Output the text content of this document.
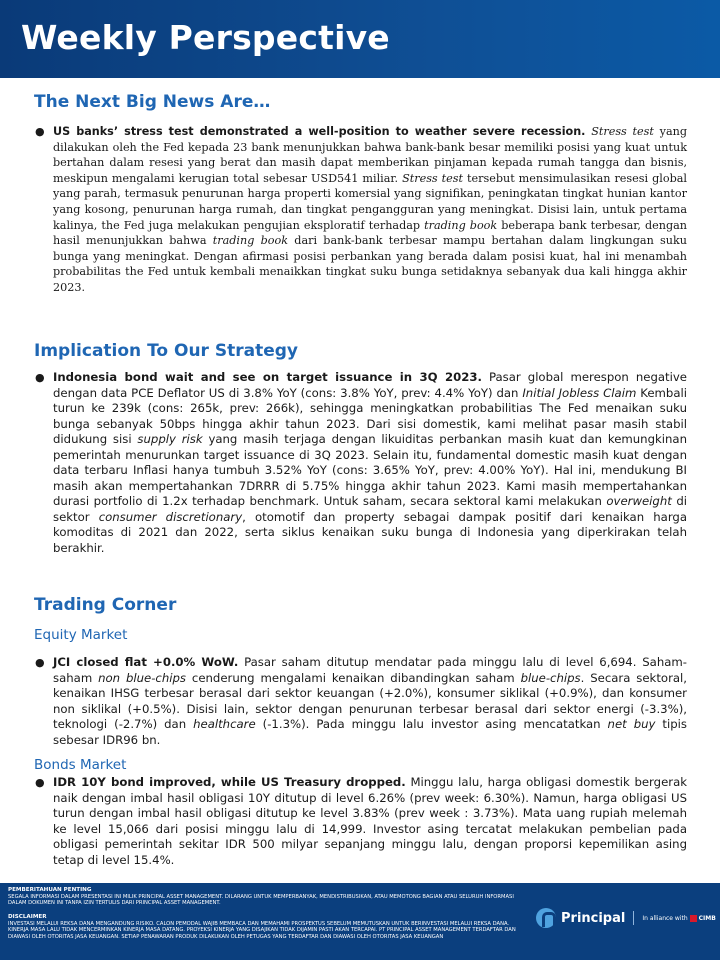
Weekly Perspective
The Next Big News Are…
● US banks’ stress test demonstrated a well-position to weather severe recession. Stress test yang dilakukan oleh the Fed kepada 23 bank menunjukkan bahwa bank-bank besar memiliki posisi yang kuat untuk bertahan dalam resesi yang berat dan masih dapat memberikan pinjaman kepada rumah tangga dan bisnis, meskipun mengalami kerugian total sebesar USD541 miliar. Stress test tersebut mensimulasikan resesi global yang parah, termasuk penurunan harga properti komersial yang signifikan, peningkatan tingkat hunian kantor yang kosong, penurunan harga rumah, dan tingkat pengangguran yang meningkat. Disisi lain, untuk pertama kalinya, the Fed juga melakukan pengujian eksploratif terhadap trading book beberapa bank terbesar, dengan hasil menunjukkan bahwa trading book dari bank-bank terbesar mampu bertahan dalam lingkungan suku bunga yang meningkat. Dengan afirmasi posisi perbankan yang berada dalam posisi kuat, hal ini menambah probabilitas the Fed untuk kembali menaikkan tingkat suku bunga setidaknya sebanyak dua kali hingga akhir 2023.
Implication To Our Strategy
● Indonesia bond wait and see on target issuance in 3Q 2023. Pasar global merespon negative dengan data PCE Deflator US di 3.8% YoY (cons: 3.8% YoY, prev: 4.4% YoY) dan Initial Jobless Claim Kembali turun ke 239k (cons: 265k, prev: 266k), sehingga meningkatkan probabilitias The Fed menaikan suku bunga sebanyak 50bps hingga akhir tahun 2023. Dari sisi domestik, kami melihat pasar masih stabil didukung sisi supply risk yang masih terjaga dengan likuiditas perbankan masih kuat dan kemungkinan pemerintah menurunkan target issuance di 3Q 2023. Selain itu, fundamental domestic masih kuat dengan data terbaru Inflasi hanya tumbuh 3.52% YoY (cons: 3.65% YoY, prev: 4.00% YoY). Hal ini, mendukung BI masih akan mempertahankan 7DRRR di 5.75% hingga akhir tahun 2023. Kami masih mempertahankan durasi portfolio di 1.2x terhadap benchmark. Untuk saham, secara sektoral kami melakukan overweight di sektor consumer discretionary, otomotif dan property sebagai dampak positif dari kenaikan harga komoditas di 2021 dan 2022, serta siklus kenaikan suku bunga di Indonesia yang diperkirakan telah berakhir.
Trading Corner
Equity Market
● JCI closed flat +0.0% WoW. Pasar saham ditutup mendatar pada minggu lalu di level 6,694. Saham-saham non blue-chips cenderung mengalami kenaikan dibandingkan saham blue-chips. Secara sektoral, kenaikan IHSG terbesar berasal dari sektor keuangan (+2.0%), konsumer siklikal (+0.9%), dan konsumer non siklikal (+0.5%). Disisi lain, sektor dengan penurunan terbesar berasal dari sektor energi (-3.3%), teknologi (-2.7%) dan healthcare (-1.3%). Pada minggu lalu investor asing mencatatkan net buy tipis sebesar IDR96 bn.
Bonds Market
● IDR 10Y bond improved, while US Treasury dropped. Minggu lalu, harga obligasi domestik bergerak naik dengan imbal hasil obligasi 10Y ditutup di level 6.26% (prev week: 6.30%). Namun, harga obligasi US turun dengan imbal hasil obligasi ditutup ke level 3.83% (prev week : 3.73%). Mata uang rupiah melemah ke level 15,066 dari posisi minggu lalu di 14,999. Investor asing tercatat melakukan pembelian pada obligasi pemerintah sekitar IDR 500 milyar sepanjang minggu lalu, dengan proporsi kepemilikan asing tetap di level 15.4%.
PEMBERITAHUAN PENTING
SEGALA INFORMASI DALAM PRESENTASI INI MILIK PRINCIPAL ASSET MANAGEMENT. DILARANG UNTUK MEMPERBANYAK, MENDISTRIBUSIKAN, ATAU MEMOTONG BAGIAN ATAU SELURUH INFORMASI DALAM DOKUMEN INI TANPA IZIN TERTULIS DARI PRINCIPAL ASSET MANAGEMENT.
DISCLAIMER
INVESTASI MELALUI REKSA DANA MENGANDUNG RISIKO. CALON PEMODAL WAJIB MEMBACA DAN MEMAHAMI PROSPEKTUS SEBELUM MEMUTUSKAN UNTUK BERINVESTASI MELALUI REKSA DANA. KINERJA MASA LALU TIDAK MENCERMINKAN KINERJA MASA DATANG. PROYEKSI KINERJA YANG DISAJIKAN TIDAK DIJAMIN PASTI AKAN TERCAPAI. PT PRINCIPAL ASSET MANAGEMENT TERDAFTAR DAN DIAWASI OLEH OTORITAS JASA KEUANGAN. SETIAP PENAWARAN PRODUK DILAKUKAN OLEH PETUGAS YANG TERDAFTAR DAN DIAWASI OLEH OTORITAS JASA KEUANGAN
Principal	In alliance with CIMB
